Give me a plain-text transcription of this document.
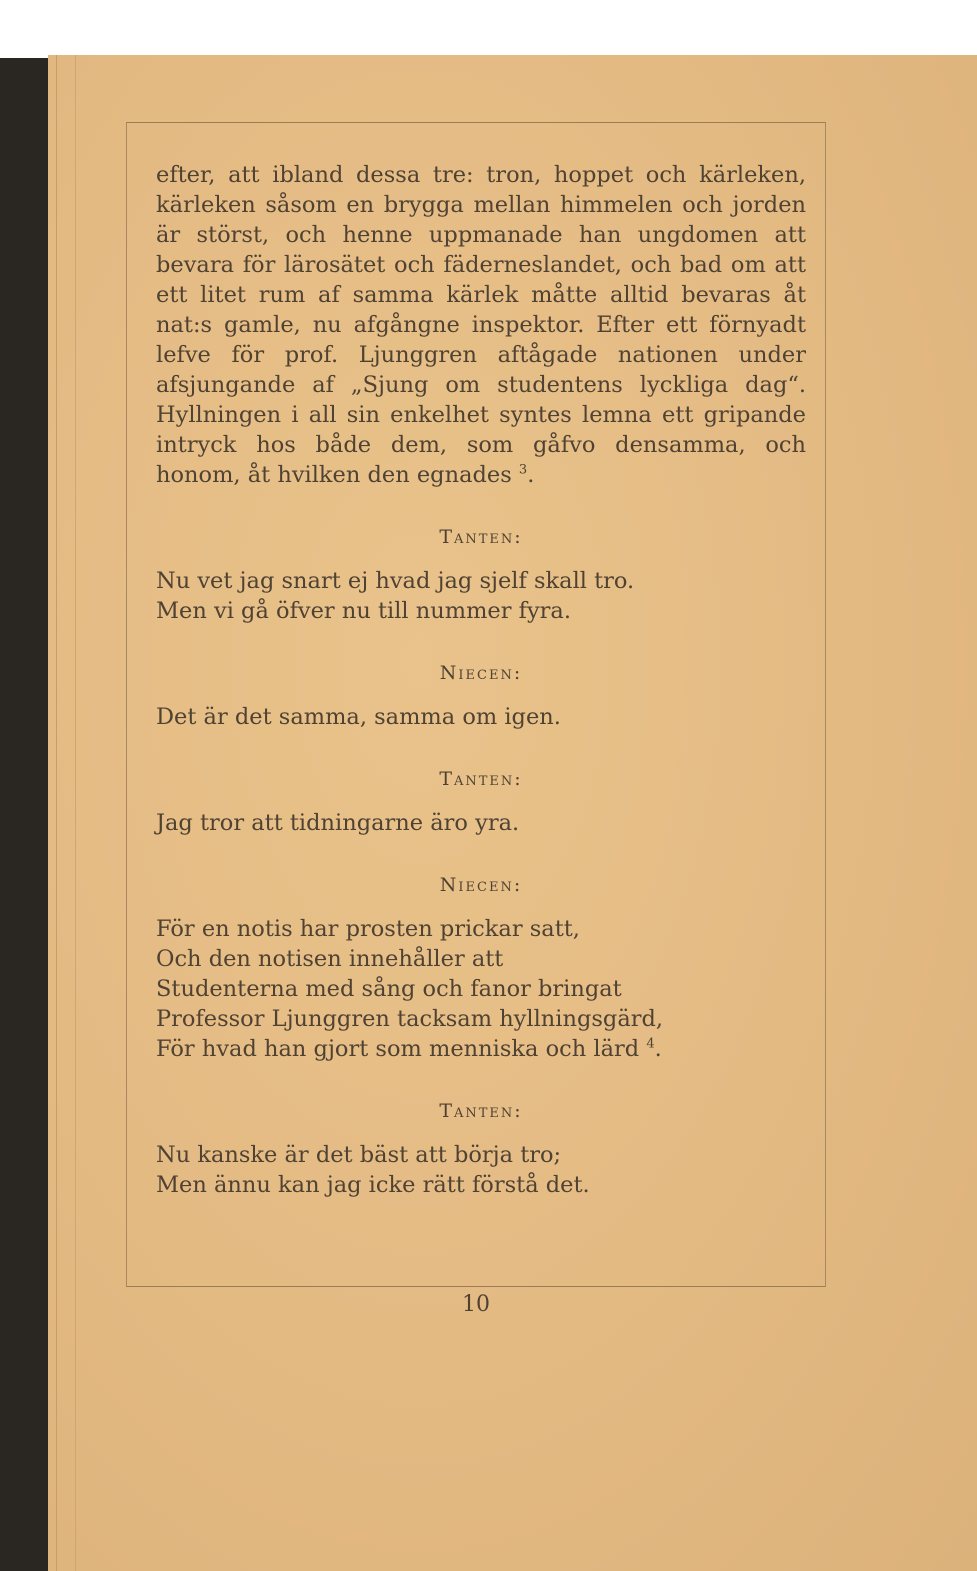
efter, att ibland dessa tre: tron, hoppet och kärleken, kärleken såsom en brygga mellan himmelen och jorden är störst, och henne uppmanade han ungdomen att bevara för lärosätet och fäderneslandet, och bad om att ett litet rum af samma kärlek måtte alltid bevaras åt nat:s gamle, nu afgångne inspektor. Efter ett förnyadt lefve för prof. Ljunggren aftågade nationen under afsjungande af „Sjung om studentens lyckliga dag“. Hyllningen i all sin enkelhet syntes lemna ett gripande intryck hos både dem, som gåfvo densamma, och honom, åt hvilken den egnades $^3$.

Tanten:

Nu vet jag snart ej hvad jag sjelf skall tro.
Men vi gå öfver nu till nummer fyra.

Niecen:

Det är det samma, samma om igen.

Tanten:

Jag tror att tidningarne äro yra.

Niecen:

För en notis har prosten prickar satt,
Och den notisen innehåller att
Studenterna med sång och fanor bringat
Professor Ljunggren tacksam hyllningsgärd,
För hvad han gjort som menniska och lärd $^4$.

Tanten:

Nu kanske är det bäst att börja tro;
Men ännu kan jag icke rätt förstå det.
10
